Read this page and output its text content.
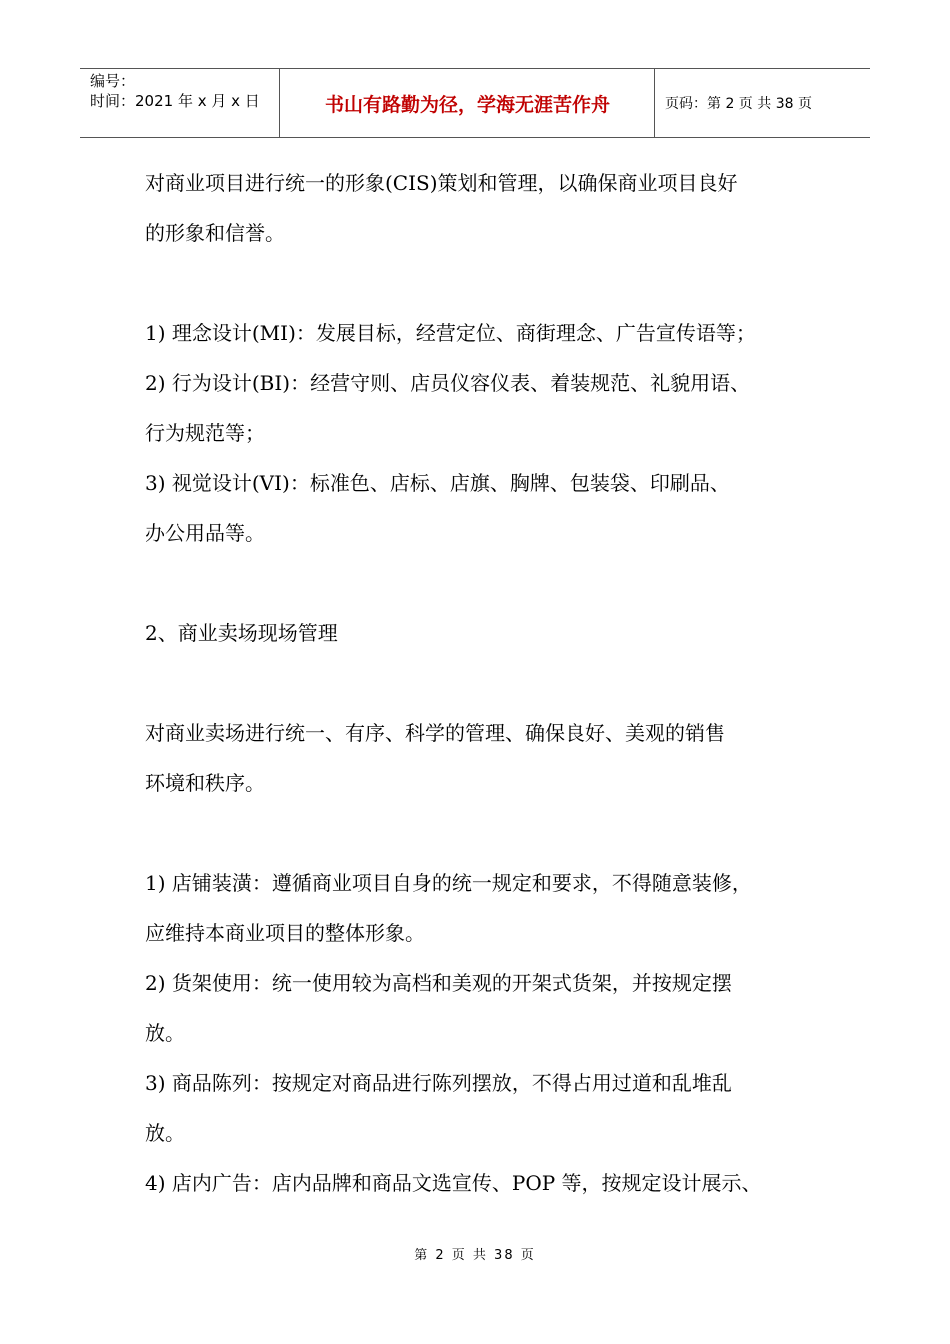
编号：
时间：2021 年 x 月 x 日	书山有路勤为径，学海无涯苦作舟	页码：第 2 页 共 38 页
对商业项目进行统一的形象(CIS)策划和管理，以确保商业项目良好
的形象和信誉。
1) 理念设计(MI)：发展目标，经营定位、商街理念、广告宣传语等；
2) 行为设计(BI)：经营守则、店员仪容仪表、着装规范、礼貌用语、
行为规范等；
3) 视觉设计(VI)：标准色、店标、店旗、胸牌、包装袋、印刷品、
办公用品等。
2、商业卖场现场管理
对商业卖场进行统一、有序、科学的管理、确保良好、美观的销售
环境和秩序。
1) 店铺装潢：遵循商业项目自身的统一规定和要求，不得随意装修，
应维持本商业项目的整体形象。
2) 货架使用：统一使用较为高档和美观的开架式货架，并按规定摆
放。
3) 商品陈列：按规定对商品进行陈列摆放，不得占用过道和乱堆乱
放。
4) 店内广告：店内品牌和商品文选宣传、POP 等，按规定设计展示、
第 2 页 共 38 页
